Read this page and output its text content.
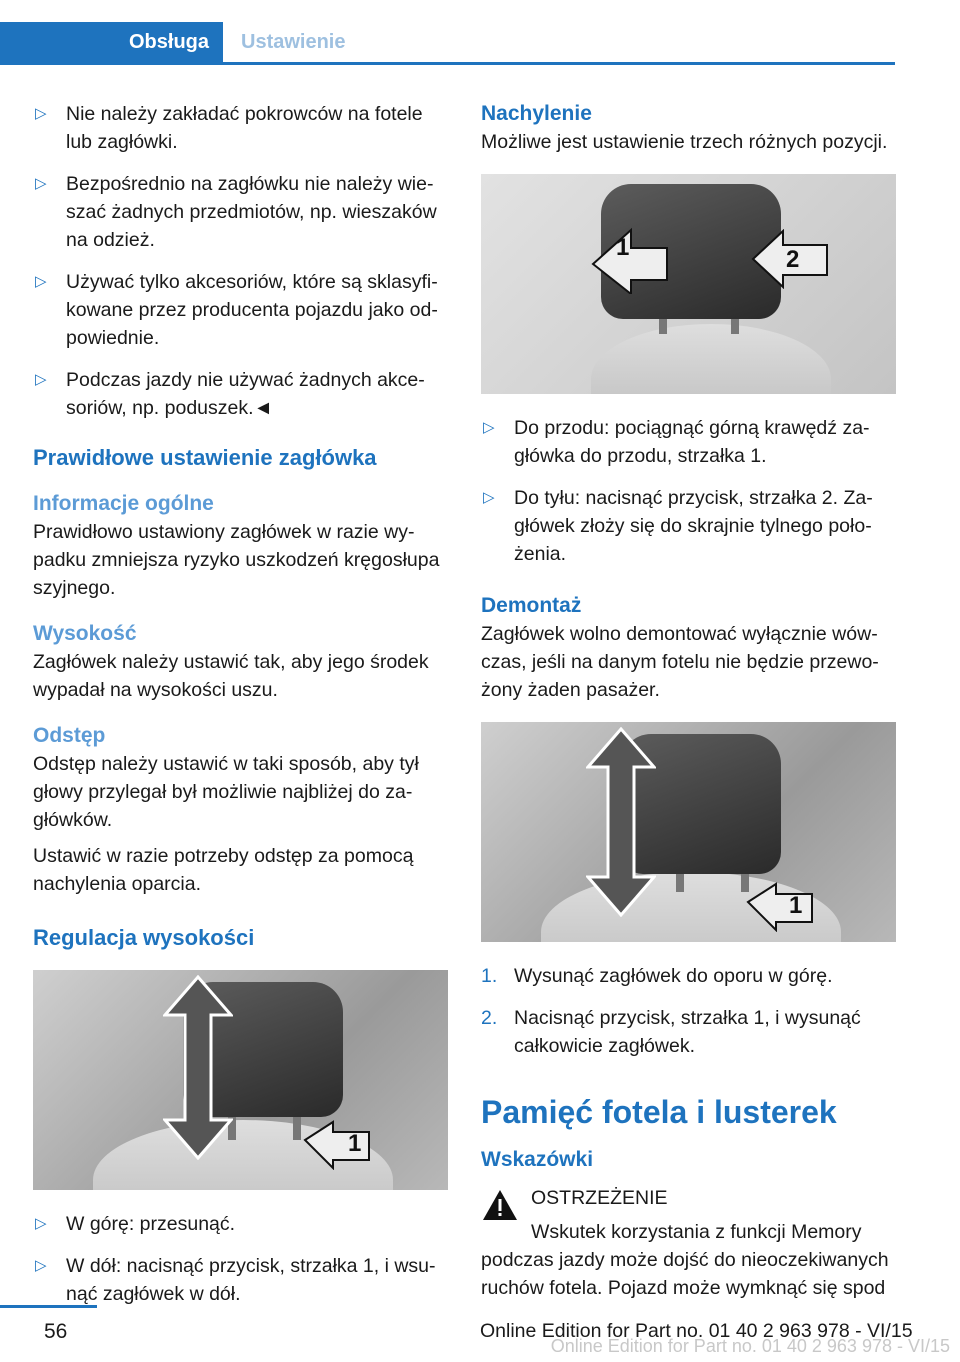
Obsługa	Ustawienie
▷ Nie należy zakładać pokrowców na fotele lub zagłówki.
▷ Bezpośrednio na zagłówku nie należy wieszać żadnych przedmiotów, np. wieszaków na odzież.
▷ Używać tylko akcesoriów, które są sklasyfikowane przez producenta pojazdu jako odpowiednie.
▷ Podczas jazdy nie używać żadnych akcesoriów, np. poduszek.◄
Prawidłowe ustawienie zagłówka
Informacje ogólne
Prawidłowo ustawiony zagłówek w razie wypadku zmniejsza ryzyko uszkodzeń kręgosłupa szyjnego.
Wysokość
Zagłówek należy ustawić tak, aby jego środek wypadał na wysokości uszu.
Odstęp
Odstęp należy ustawić w taki sposób, aby tył głowy przylegał był możliwie najbliżej do zagłówków.
Ustawić w razie potrzeby odstęp za pomocą nachylenia oparcia.
Regulacja wysokości
1
▷ W górę: przesunąć.
▷ W dół: nacisnąć przycisk, strzałka 1, i wsunąć zagłówek w dół.
Nachylenie
Możliwe jest ustawienie trzech różnych pozycji.
1	2
▷ Do przodu: pociągnąć górną krawędź zagłówka do przodu, strzałka 1.
▷ Do tyłu: nacisnąć przycisk, strzałka 2. Zagłówek złoży się do skrajnie tylnego położenia.
Demontaż
Zagłówek wolno demontować wyłącznie wówczas, jeśli na danym fotelu nie będzie przewożony żaden pasażer.
1
1. Wysunąć zagłówek do oporu w górę.
2. Nacisnąć przycisk, strzałka 1, i wysunąć całkowicie zagłówek.
Pamięć fotela i lusterek
Wskazówki
OSTRZEŻENIE
Wskutek korzystania z funkcji Memory podczas jazdy może dojść do nieoczekiwanych ruchów fotela. Pojazd może wymknąć się spod
56	Online Edition for Part no. 01 40 2 963 978 - VI/15
Online Edition for Part no. 01 40 2 963 978 - VI/15
